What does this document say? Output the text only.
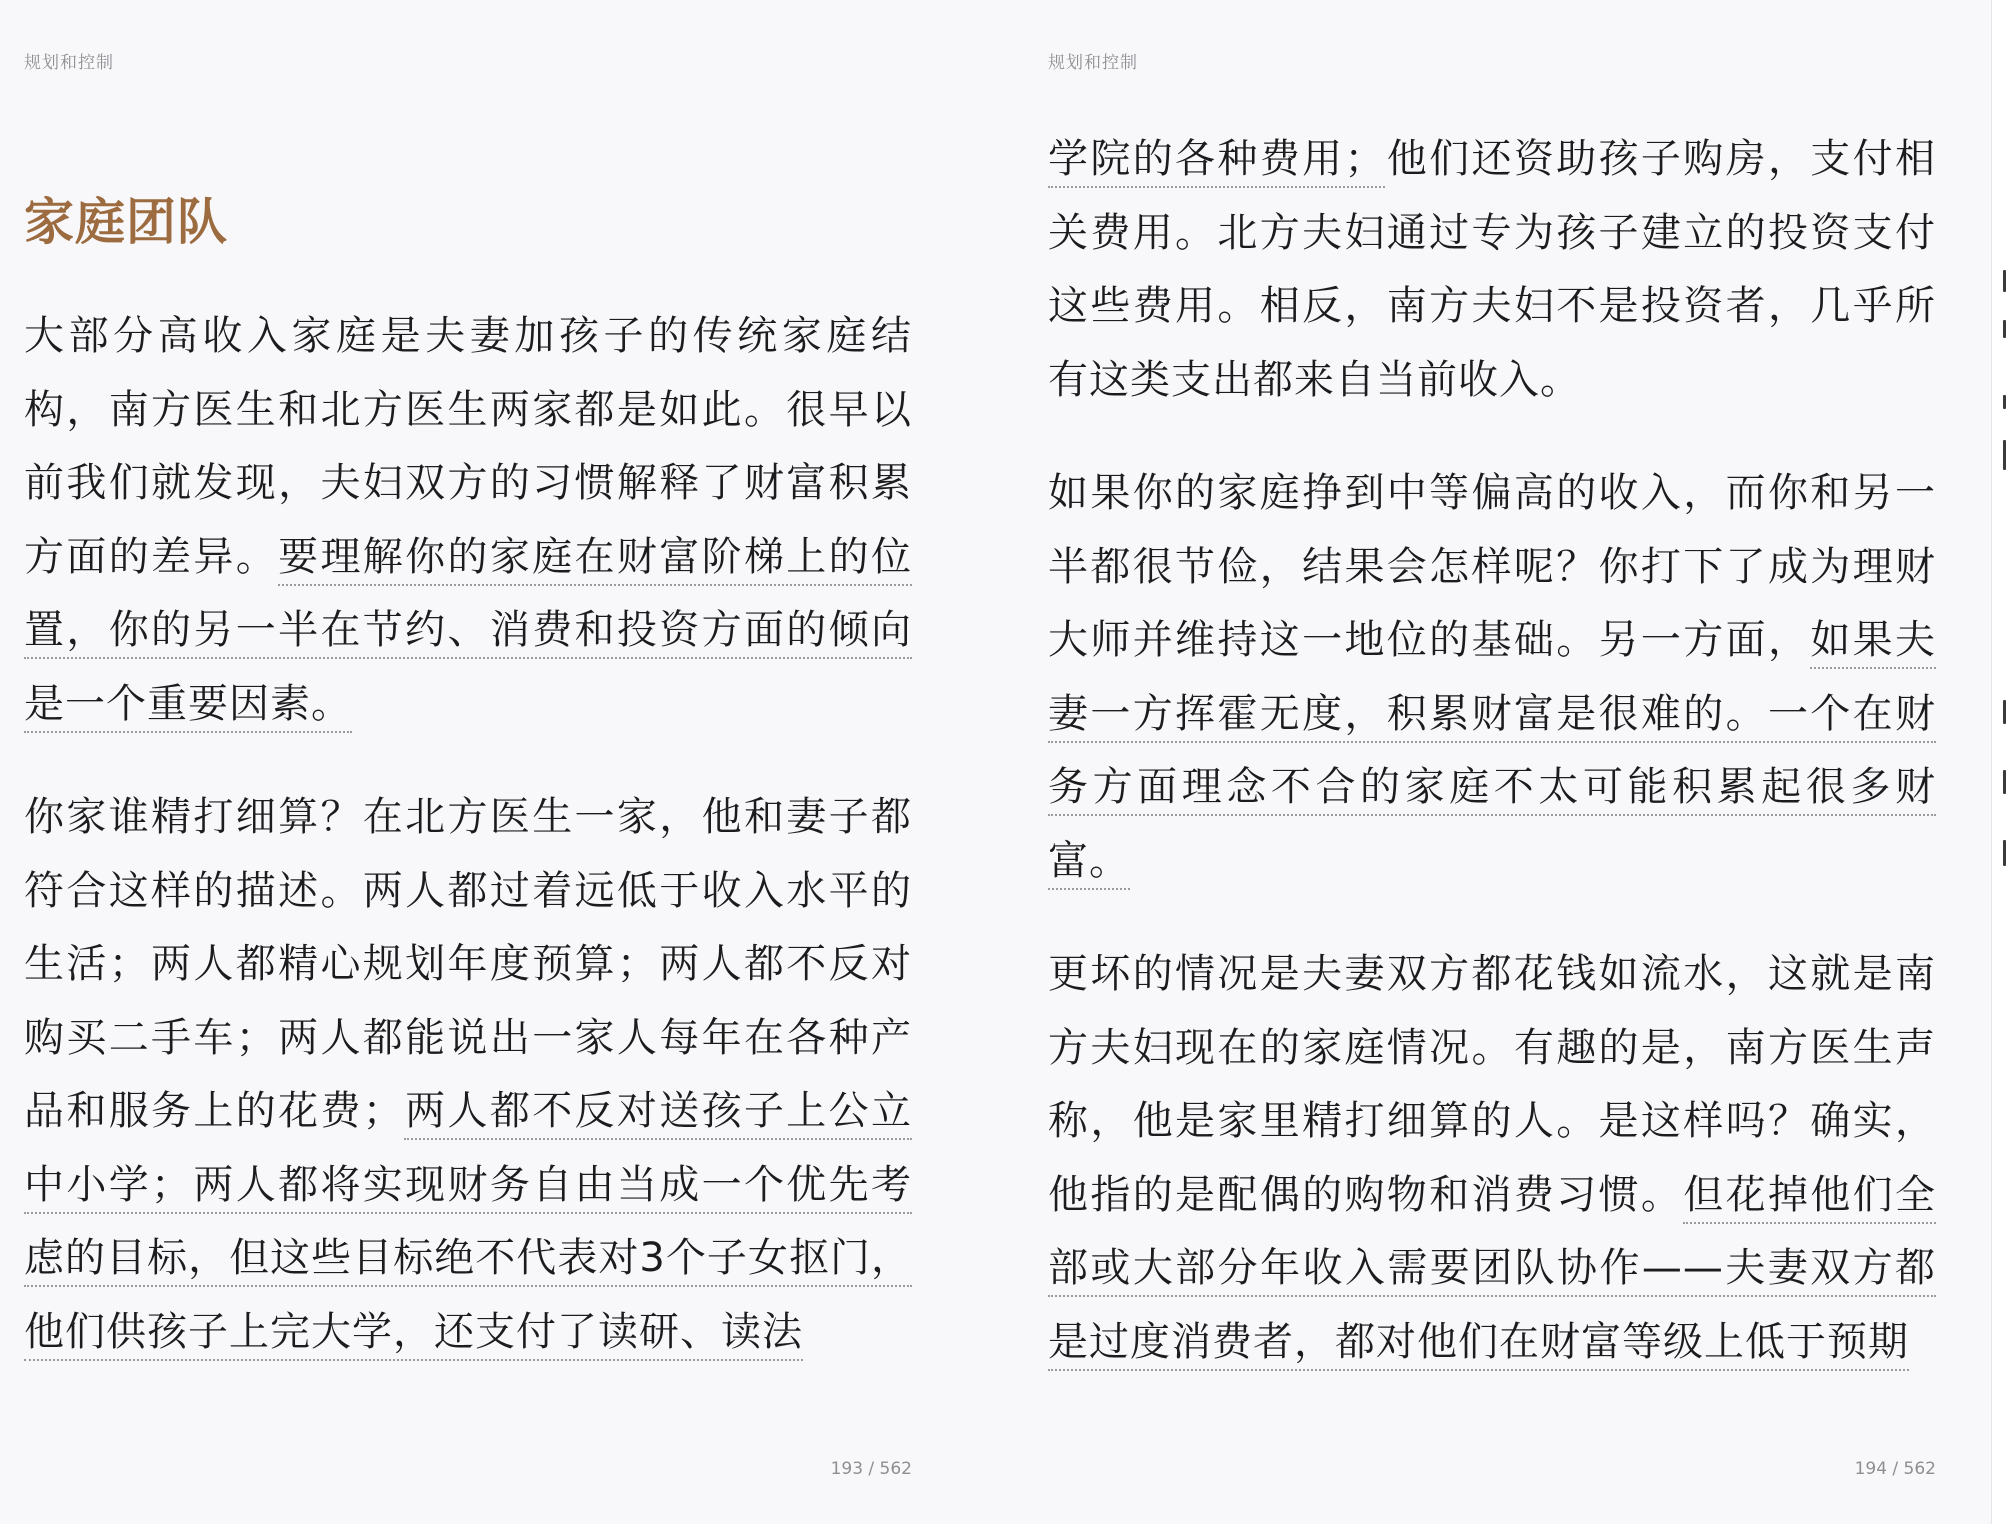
规划和控制
家庭团队

大部分高收入家庭是夫妻加孩子的传统家庭结构，南方医生和北方医生两家都是如此。很早以前我们就发现，夫妇双方的习惯解释了财富积累方面的差异。要理解你的家庭在财富阶梯上的位置，你的另一半在节约、消费和投资方面的倾向是一个重要因素。

你家谁精打细算？在北方医生一家，他和妻子都符合这样的描述。两人都过着远低于收入水平的生活；两人都精心规划年度预算；两人都不反对购买二手车；两人都能说出一家人每年在各种产品和服务上的花费；两人都不反对送孩子上公立中小学；两人都将实现财务自由当成一个优先考虑的目标，但这些目标绝不代表对3个子女抠门，他们供孩子上完大学，还支付了读研、读法

193 / 562
规划和控制

学院的各种费用；他们还资助孩子购房，支付相关费用。北方夫妇通过专为孩子建立的投资支付这些费用。相反，南方夫妇不是投资者，几乎所有这类支出都来自当前收入。

如果你的家庭挣到中等偏高的收入，而你和另一半都很节俭，结果会怎样呢？你打下了成为理财大师并维持这一地位的基础。另一方面，如果夫妻一方挥霍无度，积累财富是很难的。一个在财务方面理念不合的家庭不太可能积累起很多财富。

更坏的情况是夫妻双方都花钱如流水，这就是南方夫妇现在的家庭情况。有趣的是，南方医生声称，他是家里精打细算的人。是这样吗？确实，他指的是配偶的购物和消费习惯。但花掉他们全部或大部分年收入需要团队协作——夫妻双方都是过度消费者，都对他们在财富等级上低于预期

194 / 562
